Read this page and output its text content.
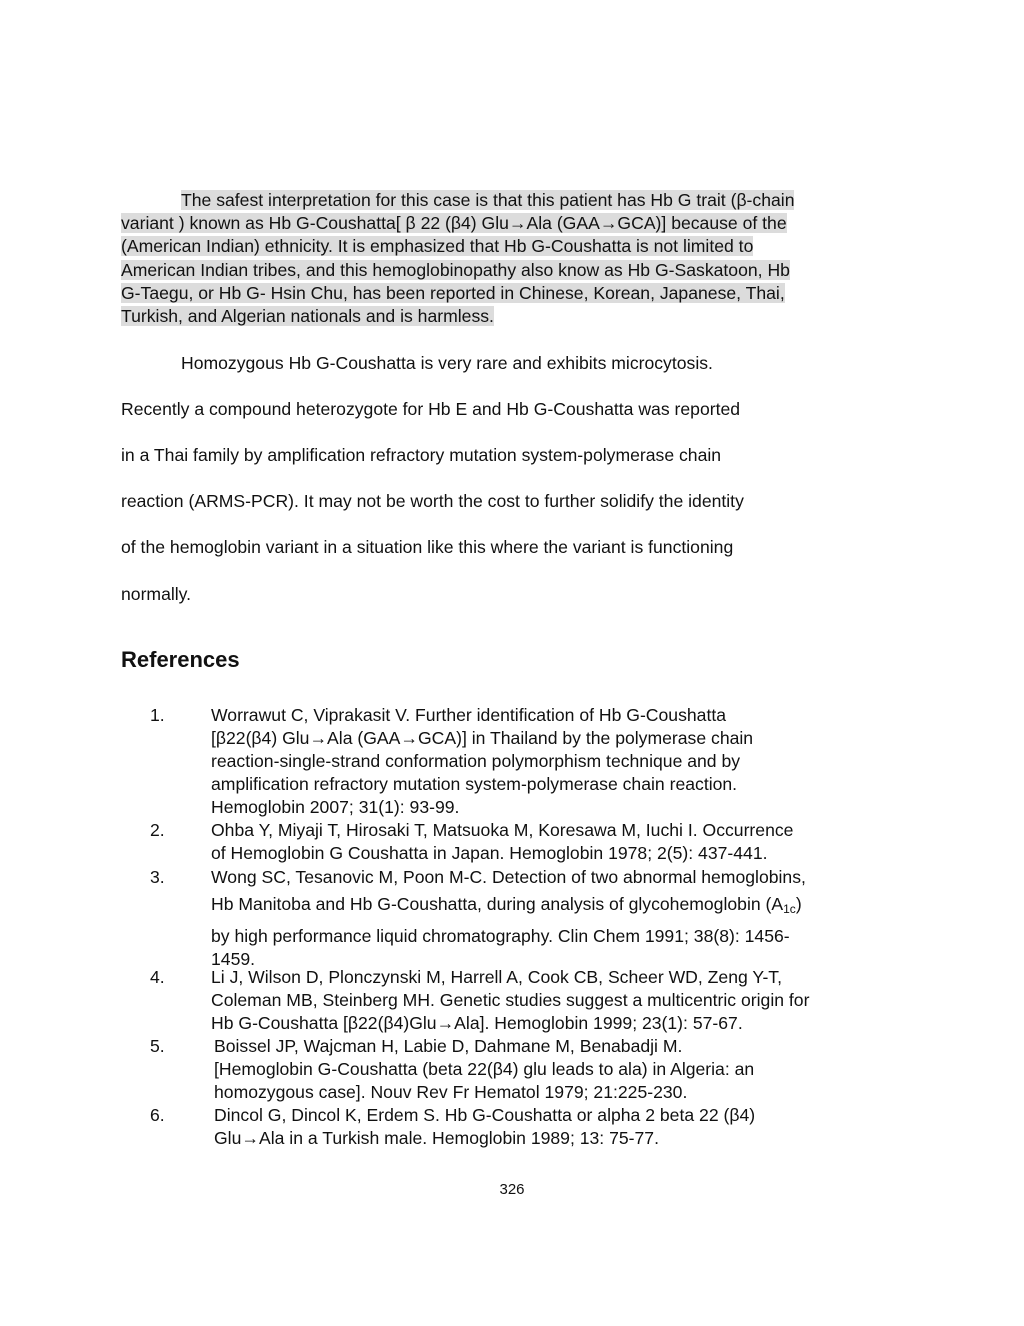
The safest interpretation for this case is that this patient has Hb G trait (β-chain
variant ) known as Hb G-Coushatta[ β 22 (β4) Glu→Ala (GAA→GCA)] because of the
(American Indian) ethnicity. It is emphasized that Hb G-Coushatta is not limited to
American Indian tribes, and this hemoglobinopathy also know as Hb G-Saskatoon, Hb
G-Taegu, or Hb G- Hsin Chu, has been reported in Chinese, Korean, Japanese, Thai,
Turkish, and Algerian nationals and is harmless.
Homozygous Hb G-Coushatta is very rare and exhibits microcytosis.
Recently a compound heterozygote for Hb E and Hb G-Coushatta was reported
in a Thai family by amplification refractory mutation system-polymerase chain
reaction (ARMS-PCR). It may not be worth the cost to further solidify the identity
of the hemoglobin variant in a situation like this where the variant is functioning
normally.
References
1.	Worrawut C, Viprakasit V. Further identification of Hb G-Coushatta
[β22(β4) Glu→Ala (GAA→GCA)] in Thailand by the polymerase chain
reaction-single-strand conformation polymorphism technique and by
amplification refractory mutation system-polymerase chain reaction.
Hemoglobin 2007; 31(1): 93-99.
2.	Ohba Y, Miyaji T, Hirosaki T, Matsuoka M, Koresawa M, Iuchi I. Occurrence
of Hemoglobin G Coushatta in Japan. Hemoglobin 1978; 2(5): 437-441.
3.	Wong SC, Tesanovic M, Poon M-C. Detection of two abnormal hemoglobins,
Hb Manitoba and Hb G-Coushatta, during analysis of glycohemoglobin $(A_{1c})$
by high performance liquid chromatography. Clin Chem 1991; 38(8): 1456-
1459.
4.	Li J, Wilson D, Plonczynski M, Harrell A, Cook CB, Scheer WD, Zeng Y-T,
Coleman MB, Steinberg MH. Genetic studies suggest a multicentric origin for
Hb G-Coushatta [β22(β4)Glu→Ala]. Hemoglobin 1999; 23(1): 57-67.
5.	Boissel JP, Wajcman H, Labie D, Dahmane M, Benabadji M.
[Hemoglobin G-Coushatta (beta 22(β4) glu leads to ala) in Algeria: an
homozygous case]. Nouv Rev Fr Hematol 1979; 21:225-230.
6.	Dincol G, Dincol K, Erdem S. Hb G-Coushatta or alpha 2 beta 22 (β4)
Glu→Ala in a Turkish male. Hemoglobin 1989; 13: 75-77.
326
